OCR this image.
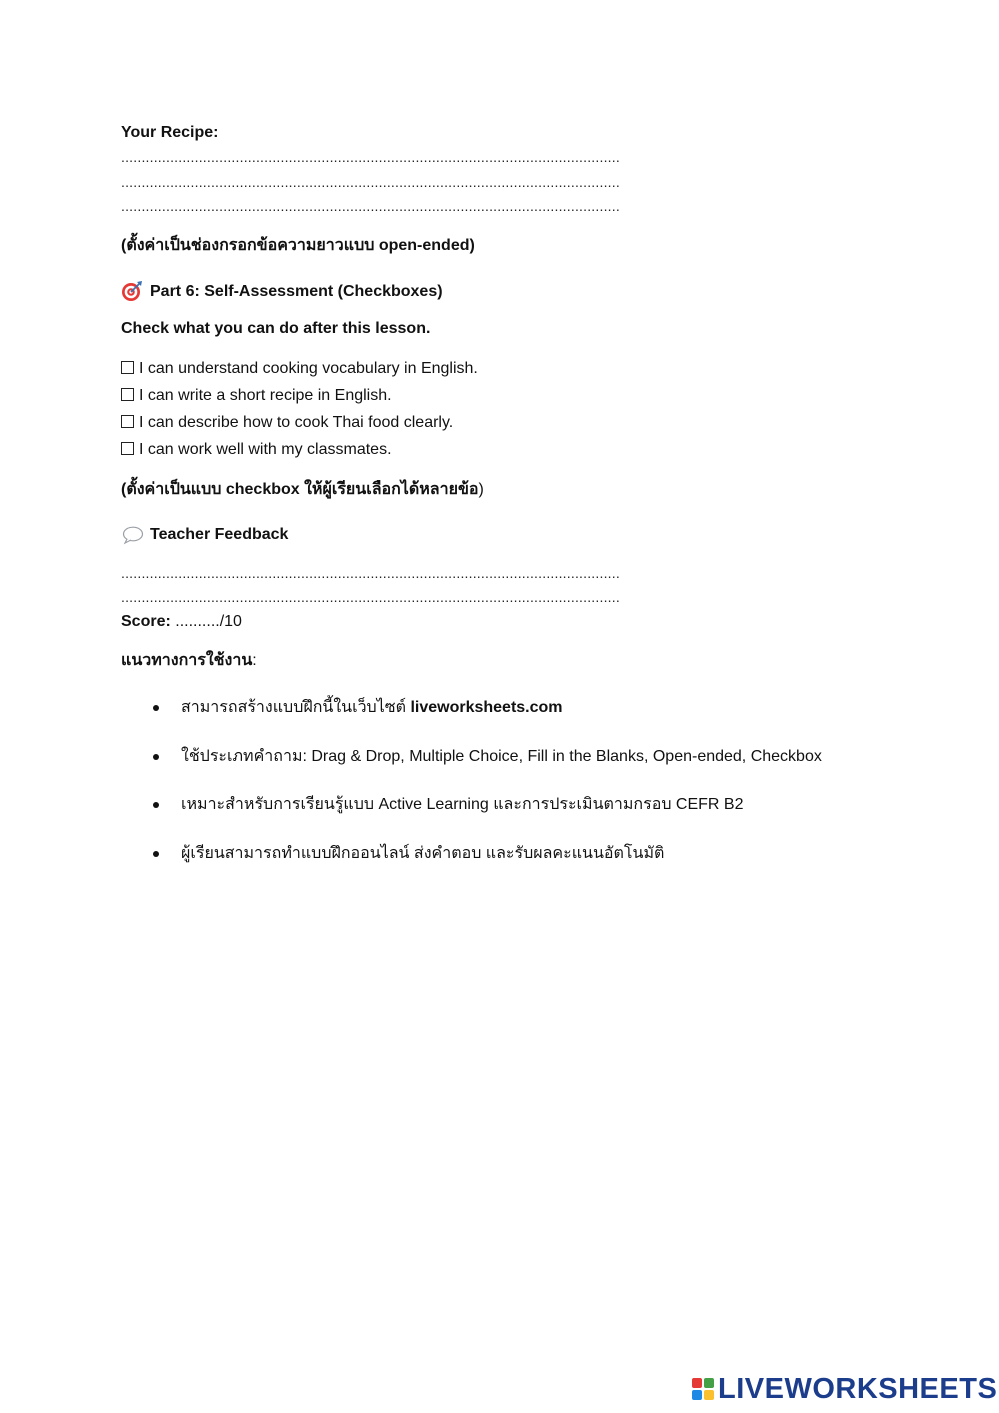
Your Recipe:
..........................................................................................................................
..........................................................................................................................
..........................................................................................................................
(ตั้งค่าเป็นช่องกรอกข้อความยาวแบบ open-ended)
Part 6: Self-Assessment (Checkboxes)
Check what you can do after this lesson.
I can understand cooking vocabulary in English.
I can write a short recipe in English.
I can describe how to cook Thai food clearly.
I can work well with my classmates.
(ตั้งค่าเป็นแบบ checkbox ให้ผู้เรียนเลือกได้หลายข้อ)
Teacher Feedback
..........................................................................................................................
..........................................................................................................................
Score: ........../10
แนวทางการใช้งาน:
สามารถสร้างแบบฝึกนี้ในเว็บไซต์ liveworksheets.com
ใช้ประเภทคำถาม: Drag & Drop, Multiple Choice, Fill in the Blanks, Open-ended, Checkbox
เหมาะสำหรับการเรียนรู้แบบ Active Learning และการประเมินตามกรอบ CEFR B2
ผู้เรียนสามารถทำแบบฝึกออนไลน์ ส่งคำตอบ และรับผลคะแนนอัตโนมัติ
LIVEWORKSHEETS
